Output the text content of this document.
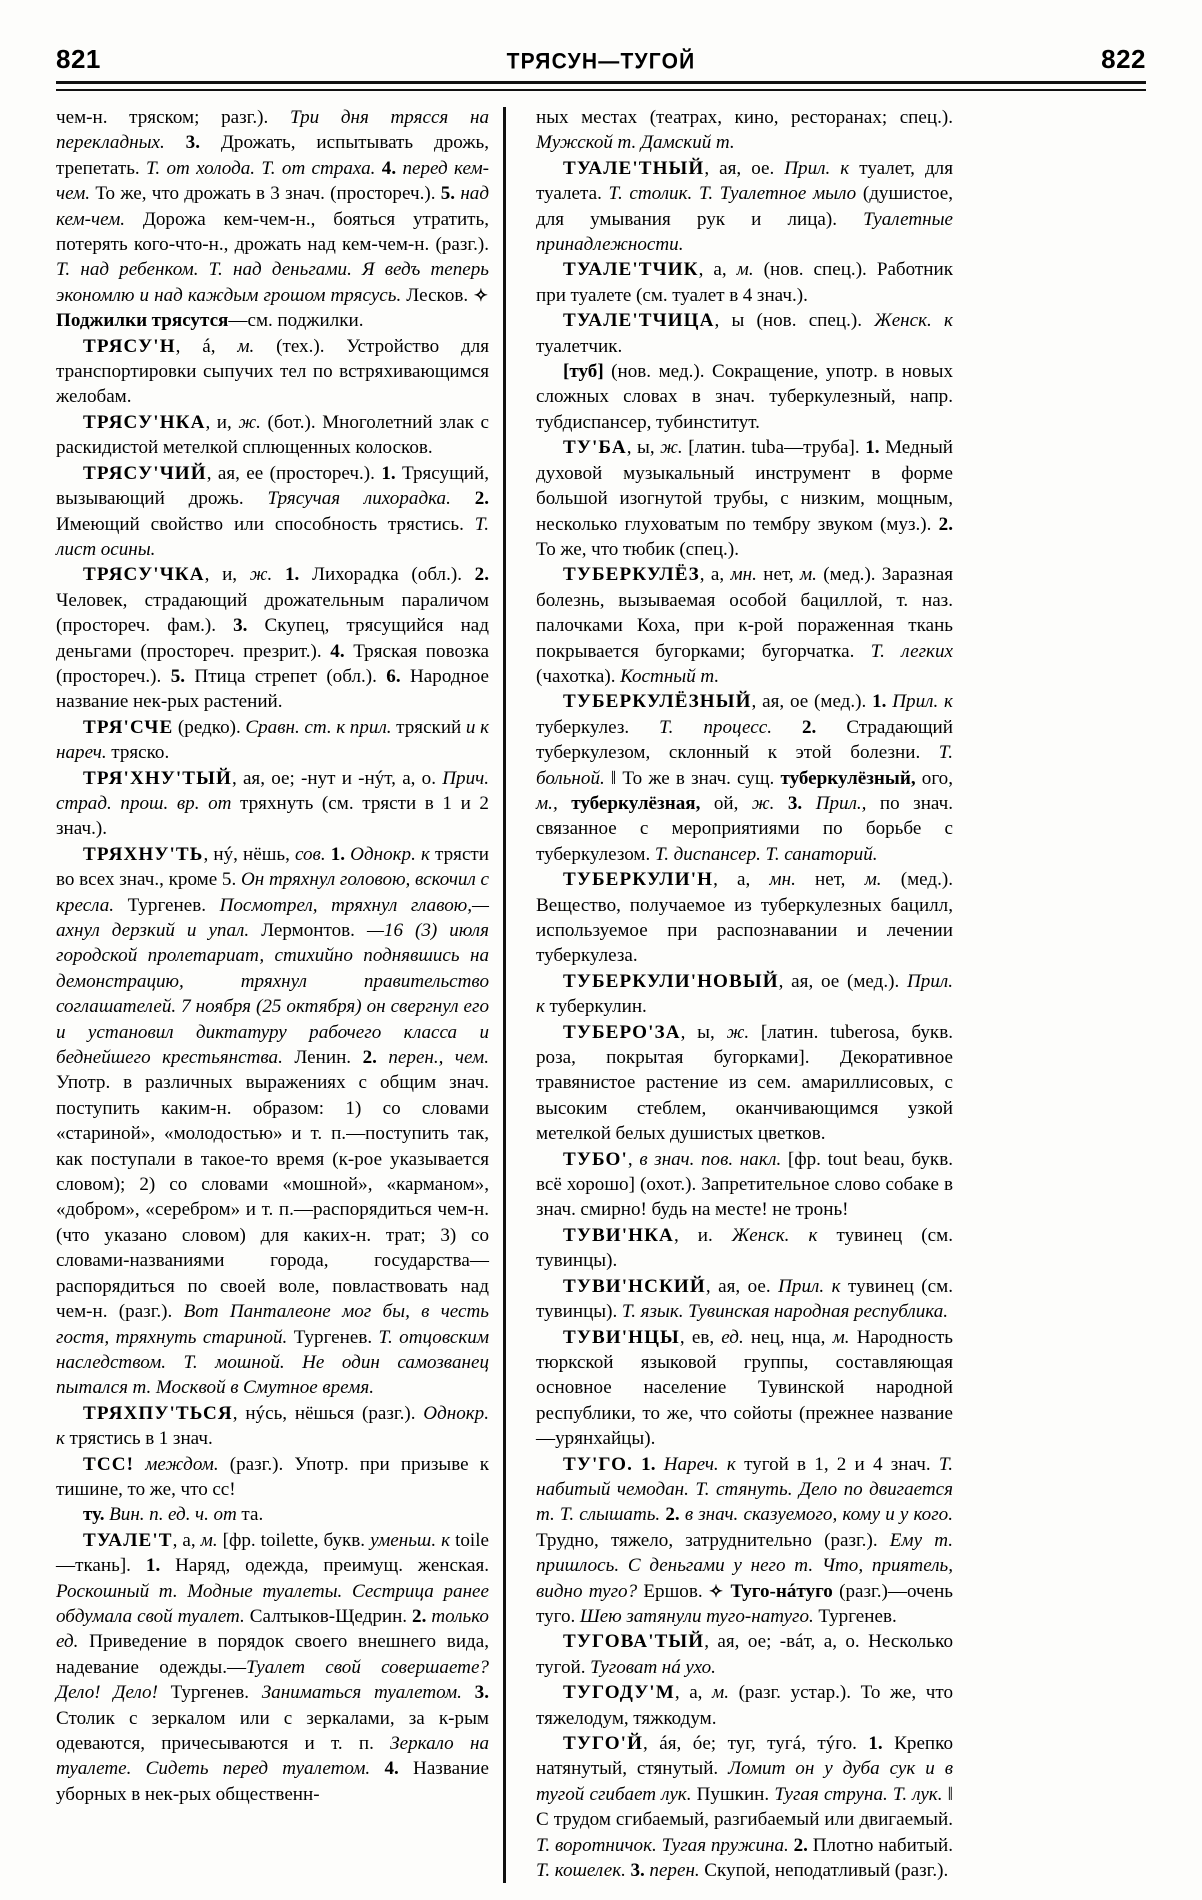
821	ТРЯСУН—ТУГОЙ	822

чем-н. тряском; разг.). Три дня трясся на перекладных. 3. Дрожать, испытывать дрожь, трепетать. Т. от холода. Т. от страха. 4. перед кем-чем. То же, что дрожать в 3 знач. (простореч.). 5. над кем-чем. Дорожа кем-чем-н., бояться утратить, потерять кого-что-н., дрожать над кем-чем-н. (разг.). Т. над ребенком. Т. над деньгами. Я ведъ теперь экономлю и над каждым грошом трясусь. Лесков. ✧ Поджилки трясутся—см. поджилки.

ТРЯСУ'Н, á, м. (тех.). Устройство для транспортировки сыпучих тел по встряхивающимся желобам.

ТРЯСУ'НКА, и, ж. (бот.). Многолетний злак с раскидистой метелкой сплющенных колосков.

ТРЯСУ'ЧИЙ, ая, ее (простореч.). 1. Трясущий, вызывающий дрожь. Трясучая лихорадка. 2. Имеющий свойство или способность трястись. Т. лист осины.

ТРЯСУ'ЧКА, и, ж. 1. Лихорадка (обл.). 2. Человек, страдающий дрожательным параличом (простореч. фам.). 3. Скупец, трясущийся над деньгами (простореч. презрит.). 4. Тряская повозка (простореч.). 5. Птица стрепет (обл.). 6. Народное название нек-рых растений.

ТРЯ'СЧЕ (редко). Сравн. ст. к прил. тряский и к нареч. тряско.

ТРЯ'ХНУ'ТЫЙ, ая, ое; -нут и -нýт, а, о. Прич. страд. прош. вр. от тряхнуть (см. трясти в 1 и 2 знач.).

ТРЯХНУ'ТЬ, нý, нёшь, сов. 1. Однокр. к трясти во всех знач., кроме 5. Он тряхнул головою, вскочил с кресла. Тургенев. Посмотрел, тряхнул главою,—ахнул дерзкий и упал. Лермонтов. —16 (3) июля городской пролетариат, стихийно поднявшись на демонстрацию, тряхнул правительство соглашателей. 7 ноября (25 октября) он свергнул его и установил диктатуру рабочего класса и беднейшего крестьянства. Ленин. 2. перен., чем. Употр. в различных выражениях с общим знач. поступить каким-н. образом: 1) со словами «стариной», «молодостью» и т. п.—поступить так, как поступали в такое-то время (к-рое указывается словом); 2) со словами «мошной», «карманом», «добром», «серебром» и т. п.—распорядиться чем-н. (что указано словом) для каких-н. трат; 3) со словами-названиями города, государства—распорядиться по своей воле, повластвовать над чем-н. (разг.). Вот Панталеоне мог бы, в честь гостя, тряхнуть стариной. Тургенев. Т. отцовским наследством. Т. мошной. Не один самозванец пытался т. Москвой в Смутное время.

ТРЯХПУ'ТЬСЯ, нýсь, нёшься (разг.). Однокр. к трястись в 1 знач.

ТСС! междом. (разг.). Употр. при призыве к тишине, то же, что сс!

ту. Вин. п. ед. ч. от та.

ТУАЛЕ'Т, а, м. [фр. toilette, букв. уменьш. к toile—ткань]. 1. Наряд, одежда, преимущ. женская. Роскошный т. Модные туалеты. Сестрица ранее обдумала свой туалет. Салтыков-Щедрин. 2. только ед. Приведение в порядок своего внешнего вида, надевание одежды.—Туалет свой совершаете? Дело! Дело! Тургенев. Заниматься туалетом. 3. Столик с зеркалом или с зеркалами, за к-рым одеваются, причесываются и т. п. Зеркало на туалете. Сидеть перед туалетом. 4. Название уборных в нек-рых общественн-

ных местах (театрах, кино, ресторанах; спец.). Мужской т. Дамский т.

ТУАЛЕ'ТНЫЙ, ая, ое. Прил. к туалет, для туалета. Т. столик. Т. Туалетное мыло (душистое, для умывания рук и лица). Туалетные принадлежности.

ТУАЛЕ'ТЧИК, а, м. (нов. спец.). Работник при туалете (см. туалет в 4 знач.).

ТУАЛЕ'ТЧИЦА, ы (нов. спец.). Женск. к туалетчик.

[туб] (нов. мед.). Сокращение, употр. в новых сложных словах в знач. туберкулезный, напр. тубдиспансер, тубинститут.

ТУ'БА, ы, ж. [латин. tuba—труба]. 1. Медный духовой музыкальный инструмент в форме большой изогнутой трубы, с низким, мощным, несколько глуховатым по тембру звуком (муз.). 2. То же, что тюбик (спец.).

ТУБЕРКУЛЁЗ, а, мн. нет, м. (мед.). Заразная болезнь, вызываемая особой бациллой, т. наз. палочками Коха, при к-рой пораженная ткань покрывается бугорками; бугорчатка. Т. легких (чахотка). Костный т.

ТУБЕРКУЛЁЗНЫЙ, ая, ое (мед.). 1. Прил. к туберкулез. Т. процесс. 2. Страдающий туберкулезом, склонный к этой болезни. Т. больной. ‖ То же в знач. сущ. туберкулёзный, ого, м., туберкулёзная, ой, ж. 3. Прил., по знач. связанное с мероприятиями по борьбе с туберкулезом. Т. диспансер. Т. санаторий.

ТУБЕРКУЛИ'Н, а, мн. нет, м. (мед.). Вещество, получаемое из туберкулезных бацилл, используемое при распознавании и лечении туберкулеза.

ТУБЕРКУЛИ'НОВЫЙ, ая, ое (мед.). Прил. к туберкулин.

ТУБЕРО'ЗА, ы, ж. [латин. tuberosa, букв. роза, покрытая бугорками]. Декоративное травянистое растение из сем. амариллисовых, с высоким стеблем, оканчивающимся узкой метелкой белых душистых цветков.

ТУБО', в знач. пов. накл. [фр. tout beau, букв. всё хорошо] (охот.). Запретительное слово собаке в знач. смирно! будь на месте! не тронь!

ТУВИ'НКА, и. Женск. к тувинец (см. тувинцы).

ТУВИ'НСКИЙ, ая, ое. Прил. к тувинец (см. тувинцы). Т. язык. Тувинская народная республика.

ТУВИ'НЦЫ, ев, ед. нец, нца, м. Народность тюркской языковой группы, составляющая основное население Тувинской народной республики, то же, что сойоты (прежнее название—урянхайцы).

ТУ'ГО. 1. Нареч. к тугой в 1, 2 и 4 знач. Т. набитый чемодан. Т. стянуть. Дело по двигается т. Т. слышать. 2. в знач. сказуемого, кому и у кого. Трудно, тяжело, затруднительно (разг.). Ему т. пришлось. С деньгами у него т. Что, приятель, видно туго? Ершов. ✧ Туго-нáтуго (разг.)—очень туго. Шею затянули туго-натуго. Тургенев.

ТУГОВА'ТЫЙ, ая, ое; -вáт, а, о. Несколько тугой. Туговат нá ухо.

ТУГОДУ'М, а, м. (разг. устар.). То же, что тяжелодум, тяжкодум.

ТУГО'Й, áя, óе; туг, тугá, тýго. 1. Крепко натянутый, стянутый. Ломит он у дуба сук и в тугой сгибает лук. Пушкин. Тугая струна. Т. лук. ‖ С трудом сгибаемый, разгибаемый или двигаемый. Т. воротничок. Тугая пружина. 2. Плотно набитый. Т. кошелек. 3. перен. Скупой, неподатливый (разг.).
